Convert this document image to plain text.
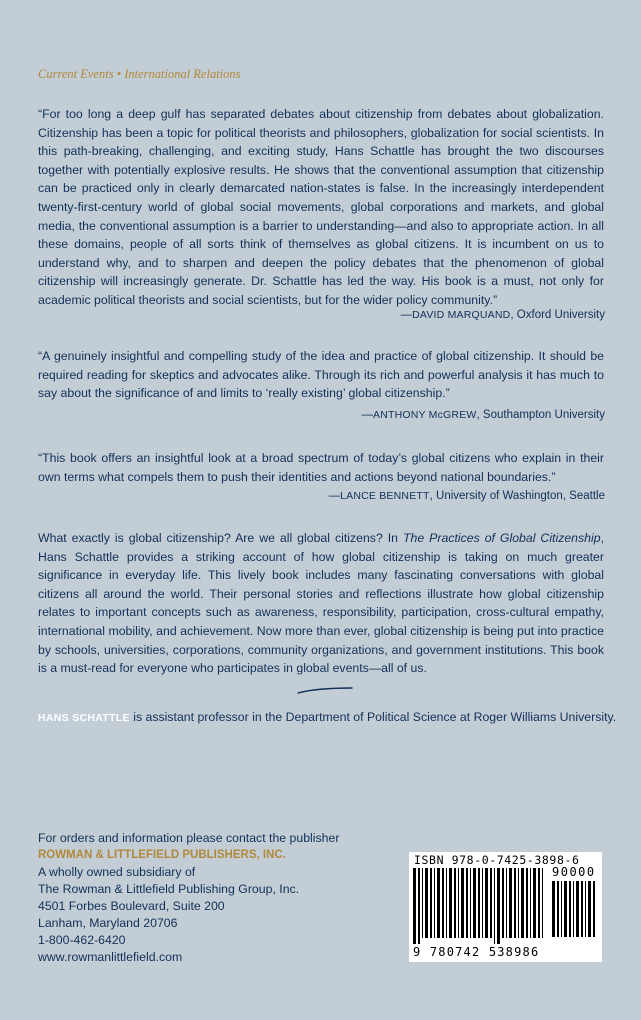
Current Events • International Relations

“For too long a deep gulf has separated debates about citizenship from debates about globalization. Citizenship has been a topic for political theorists and philosophers, globalization for social scientists. In this path-breaking, challenging, and exciting study, Hans Schattle has brought the two discourses together with potentially explosive results. He shows that the conventional assumption that citizenship can be practiced only in clearly demarcated nation-states is false. In the increasingly interdependent twenty-first-century world of global social movements, global corporations and markets, and global media, the conventional assumption is a barrier to understanding—and also to appropriate action. In all these domains, people of all sorts think of themselves as global citizens. It is incumbent on us to understand why, and to sharpen and deepen the policy debates that the phenomenon of global citizenship will increasingly generate. Dr. Schattle has led the way. His book is a must, not only for academic political theorists and social scientists, but for the wider policy community.”

—DAVID MARQUAND, Oxford University

“A genuinely insightful and compelling study of the idea and practice of global citizenship. It should be required reading for skeptics and advocates alike. Through its rich and powerful analysis it has much to say about the significance of and limits to ‘really existing’ global citizenship.”

—ANTHONY McGREW, Southampton University

“This book offers an insightful look at a broad spectrum of today’s global citizens who explain in their own terms what compels them to push their identities and actions beyond national boundaries.”

—LANCE BENNETT, University of Washington, Seattle

What exactly is global citizenship? Are we all global citizens? In The Practices of Global Citizenship, Hans Schattle provides a striking account of how global citizenship is taking on much greater significance in everyday life. This lively book includes many fascinating conversations with global citizens all around the world. Their personal stories and reflections illustrate how global citizenship relates to important concepts such as awareness, responsibility, participation, cross-cultural empathy, international mobility, and achievement. Now more than ever, global citizenship is being put into practice by schools, universities, corporations, community organizations, and government institutions. This book is a must-read for everyone who participates in global events—all of us.

HANS SCHATTLE is assistant professor in the Department of Political Science at Roger Williams University.

For orders and information please contact the publisher
ROWMAN & LITTLEFIELD PUBLISHERS, INC.
A wholly owned subsidiary of
The Rowman & Littlefield Publishing Group, Inc.
4501 Forbes Boulevard, Suite 200
Lanham, Maryland 20706
1-800-462-6420
www.rowmanlittlefield.com
ISBN 978-0-7425-3898-6
90000
9 780742 538986
